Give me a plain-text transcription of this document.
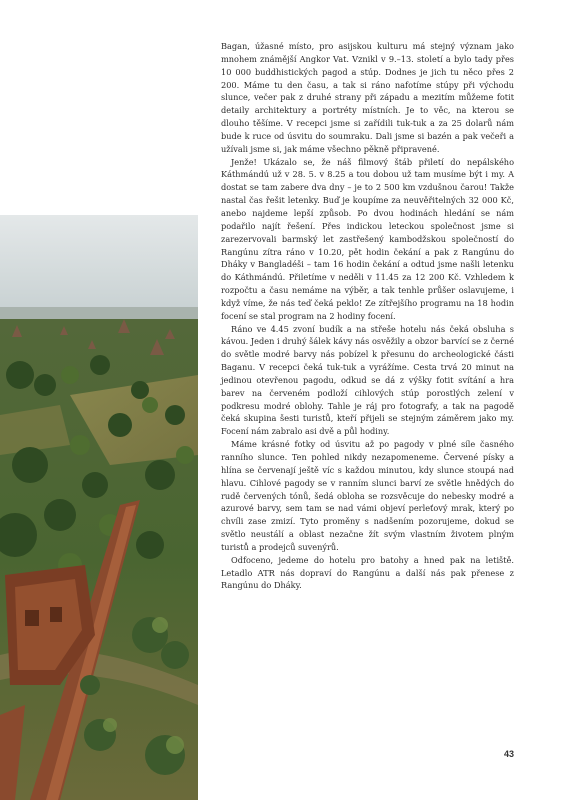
Bagan, úžasné místo, pro asijskou kulturu má stejný význam jako mnohem známější Angkor Vat. Vznikl v 9.–13. století a bylo tady přes 10 000 buddhistických pagod a stúp. Dodnes je jich tu něco přes 2 200. Máme tu den času, a tak si ráno nafotíme stúpy při východu slunce, večer pak z druhé strany při západu a mezitím můžeme fotit detaily architektury a portréty místních. Je to věc, na kterou se dlouho těšíme. V recepci jsme si zařídili tuk-tuk a za 25 dolarů nám bude k ruce od úsvitu do soumraku. Dali jsme si bazén a pak večeři a užívali jsme si, jak máme všechno pěkně připravené.

Jenže! Ukázalo se, že náš filmový štáb přiletí do nepálského Káthmándú už v 28. 5. v 8.25 a tou dobou už tam musíme být i my. A dostat se tam zabere dva dny – je to 2 500 km vzdušnou čarou! Takže nastal čas řešit letenky. Buď je koupíme za neuvěřitelných 32 000 Kč, anebo najdeme lepší způsob. Po dvou hodinách hledání se nám podařilo najít řešení. Přes indickou leteckou společnost jsme si zarezervovali barmský let zastřešený kambodžskou společností do Rangúnu zítra ráno v 10.20, pět hodin čekání a pak z Rangúnu do Dháky v Bangladéši – tam 16 hodin čekání a odtud jsme našli letenku do Káthmándú. Přiletíme v neděli v 11.45 za 12 200 Kč. Vzhledem k rozpočtu a času nemáme na výběr, a tak tenhle průšer oslavujeme, i když víme, že nás teď čeká peklo! Ze zítřejšího programu na 18 hodin focení se stal program na 2 hodiny focení.

Ráno ve 4.45 zvoní budík a na střeše hotelu nás čeká obsluha s kávou. Jeden i druhý šálek kávy nás osvěžily a obzor barvící se z černé do světle modré barvy nás pobízel k přesunu do archeologické části Baganu. V recepci čeká tuk-tuk a vyrážíme. Cesta trvá 20 minut na jedinou otevřenou pagodu, odkud se dá z výšky fotit svítání a hra barev na červeném podloží cihlových stúp porostlých zelení v podkresu modré oblohy. Tahle je ráj pro fotografy, a tak na pagodě čeká skupina šesti turistů, kteří přijeli se stejným záměrem jako my. Focení nám zabralo asi dvě a půl hodiny.

Máme krásné fotky od úsvitu až po pagody v plné síle časného ranního slunce. Ten pohled nikdy nezapomeneme. Červené písky a hlína se červenají ještě víc s každou minutou, kdy slunce stoupá nad hlavu. Cihlové pagody se v ranním slunci barví ze světle hnědých do rudě červených tónů, šedá obloha se rozsvěcuje do nebesky modré a azurové barvy, sem tam se nad vámi objeví perleťový mrak, který po chvíli zase zmizí. Tyto proměny s nadšením pozorujeme, dokud se světlo neustálí a oblast nezačne žít svým vlastním životem plným turistů a prodejců suvenýrů.

Odfoceno, jedeme do hotelu pro batohy a hned pak na letiště. Letadlo ATR nás dopraví do Rangúnu a další nás pak přenese z Rangúnu do Dháky.

43
